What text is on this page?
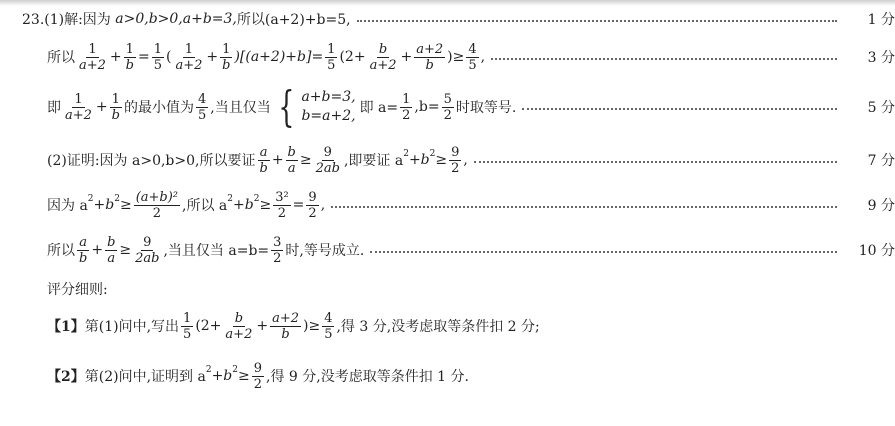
23.(1)解:因为 a>0,b>0,a+b=3, 所以(a+2)+b=5,	1 分
所以 $\frac{1}{a+2} + \frac{1}{b} = \frac{1}{5}$ ( $\frac{1}{a+2} + \frac{1}{b} )[(a+2)+b]= \frac{1}{5} (2+ \frac{b}{a+2} + \frac{a+2}{b}$ )≥ $\frac{4}{5}$ ,	3 分
即 $\frac{1}{a+2} + \frac{1}{b}$ 的最小值为 $\frac{4}{5}$ ,当且仅当 { a+b=3,
b=a+2, 即 $a= \frac{1}{2} ,b= \frac{5}{2}$ 时取等号.	5 分
(2)证明:因为 a>0,b>0,所以要证 $\frac{a}{b} + \frac{b}{a} \ge \frac{9}{2ab}$ ,即要证 a 2 +b $2 \ge \frac{9}{2}$ ,	7 分
因为 a 2 +b $2 \ge \frac{\text{(a+b)²}}{2}$ ,所以 a 2 +b $2 \ge \frac{\text{3²}}{2} = \frac{9}{2}$ ,	9 分
所以 $\frac{a}{b} + \frac{b}{a} \ge \frac{9}{2ab}$ ,当且仅当 $a=b= \frac{3}{2}$ 时,等号成立.	10 分
评分细则:
【1】 第(1)问中,写出 $\frac{1}{5} (2+ \frac{b}{a+2} + \frac{a+2}{b}$ )≥ $\frac{4}{5}$ ,得 3 分,没考虑取等条件扣 2 分;
【2】 第(2)问中,证明到 a 2 +b $2 \ge \frac{9}{2}$ ,得 9 分,没考虑取等条件扣 1 分.
